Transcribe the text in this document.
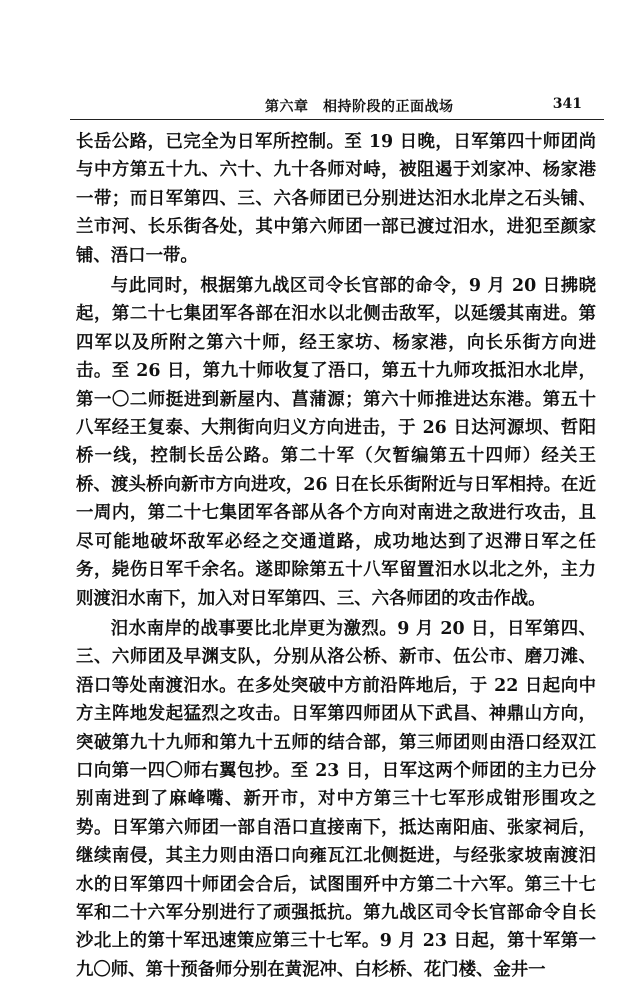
第六章　相持阶段的正面战场	341

长岳公路，已完全为日军所控制。至 19 日晚，日军第四十师团尚与中方第五十九、六十、九十各师对峙，被阻遏于刘家冲、杨家港一带；而日军第四、三、六各师团已分别进达汨水北岸之石头铺、兰市河、长乐街各处，其中第六师团一部已渡过汨水，进犯至颜家铺、浯口一带。

与此同时，根据第九战区司令长官部的命令，9 月 20 日拂晓起，第二十七集团军各部在汨水以北侧击敌军，以延缓其南进。第四军以及所附之第六十师，经王家坊、杨家港，向长乐街方向进击。至 26 日，第九十师收复了浯口，第五十九师攻抵汨水北岸，第一〇二师挺进到新屋内、菖蒲源；第六十师推进达东港。第五十八军经王复泰、大荆街向归义方向进击，于 26 日达河源坝、哲阳桥一线，控制长岳公路。第二十军（欠暂编第五十四师）经关王桥、渡头桥向新市方向进攻，26 日在长乐街附近与日军相持。在近一周内，第二十七集团军各部从各个方向对南进之敌进行攻击，且尽可能地破坏敌军必经之交通道路，成功地达到了迟滞日军之任务，毙伤日军千余名。遂即除第五十八军留置汨水以北之外，主力则渡汨水南下，加入对日军第四、三、六各师团的攻击作战。

汨水南岸的战事要比北岸更为激烈。9 月 20 日，日军第四、三、六师团及早渊支队，分别从洛公桥、新市、伍公市、磨刀滩、浯口等处南渡汨水。在多处突破中方前沿阵地后，于 22 日起向中方主阵地发起猛烈之攻击。日军第四师团从下武昌、神鼎山方向，突破第九十九师和第九十五师的结合部，第三师团则由浯口经双江口向第一四〇师右翼包抄。至 23 日，日军这两个师团的主力已分别南进到了麻峰嘴、新开市，对中方第三十七军形成钳形围攻之势。日军第六师团一部自浯口直接南下，抵达南阳庙、张家祠后，继续南侵，其主力则由浯口向雍瓦江北侧挺进，与经张家坡南渡汨水的日军第四十师团会合后，试图围歼中方第二十六军。第三十七军和二十六军分别进行了顽强抵抗。第九战区司令长官部命令自长沙北上的第十军迅速策应第三十七军。9 月 23 日起，第十军第一九〇师、第十预备师分别在黄泥冲、白杉桥、花门楼、金井一
